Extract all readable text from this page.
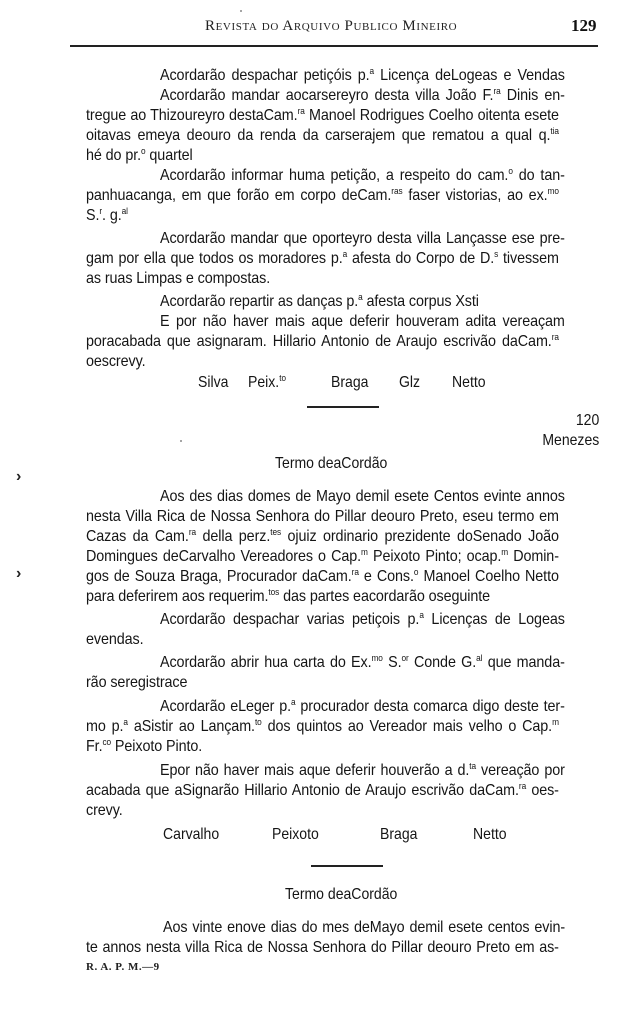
Revista do Arquivo Publico Mineiro	129
Acordarão despachar petiçóis p.$^a$ Licença deLogeas e Vendas
Acordarão mandar aocarsereyro desta villa João F.$^{ra}$ Dinis en-
tregue ao Thizoureyro destaCam.$^{ra}$ Manoel Rodrigues Coelho oitenta esete
oitavas emeya deouro da renda da carserajem que rematou a qual q.$^{tia}$
hé do pr.$^o$ quartel
Acordarão informar huma petição, a respeito do cam.$^o$ do tan-
panhuacanga, em que forão em corpo deCam.$^{ras}$ faser vistorias, ao ex.$^{mo}$
S.$^r$. g.$^{al}$
Acordarão mandar que oporteyro desta villa Lançasse ese pre-
gam por ella que todos os moradores p.$^a$ afesta do Corpo de D.$^s$ tivessem
as ruas Limpas e compostas.
Acordarão repartir as danças p.$^a$ afesta corpus Xsti
E por não haver mais aque deferir houveram adita vereaçam
poracabada que asignaram. Hillario Antonio de Araujo escrivão daCam.$^{ra}$
oescrevy.
Silva Peix.$^{to}$	Braga Glz Netto
120
Menezes
Termo deaCordão
Aos des dias domes de Mayo demil esete Centos evinte annos
nesta Villa Rica de Nossa Senhora do Pillar deouro Preto, eseu termo em
Cazas da Cam.$^{ra}$ della perz.$^{tes}$ ojuiz ordinario prezidente doSenado João
Domingues deCarvalho Vereadores o Cap.$^m$ Peixoto Pinto; ocap.$^m$ Domin-
gos de Souza Braga, Procurador daCam.$^{ra}$ e Cons.$^o$ Manoel Coelho Netto
para deferirem aos requerim.$^{tos}$ das partes eacordarão oseguinte
Acordarão despachar varias petiçois p.$^a$ Licenças de Logeas
evendas.
Acordarão abrir hua carta do Ex.$^{mo}$ S.$^{or}$ Conde G.$^{al}$ que manda-
rão seregistrace
Acordarão eLeger p.$^a$ procurador desta comarca digo deste ter-
mo p.$^a$ aSistir ao Lançam.$^{to}$ dos quintos ao Vereador mais velho o Cap.$^m$
Fr.$^{co}$ Peixoto Pinto.
Epor não haver mais aque deferir houverão a d.$^{ta}$ vereação por
acabada que aSignarão Hillario Antonio de Araujo escrivão daCam.$^{ra}$ oes-
crevy.
Carvalho	Peixoto	Braga	Netto
Termo deaCordão
Aos vinte enove dias do mes deMayo demil esete centos evin-
te annos nesta villa Rica de Nossa Senhora do Pillar deouro Preto em as-
R. A. P. M.—9
›
›
